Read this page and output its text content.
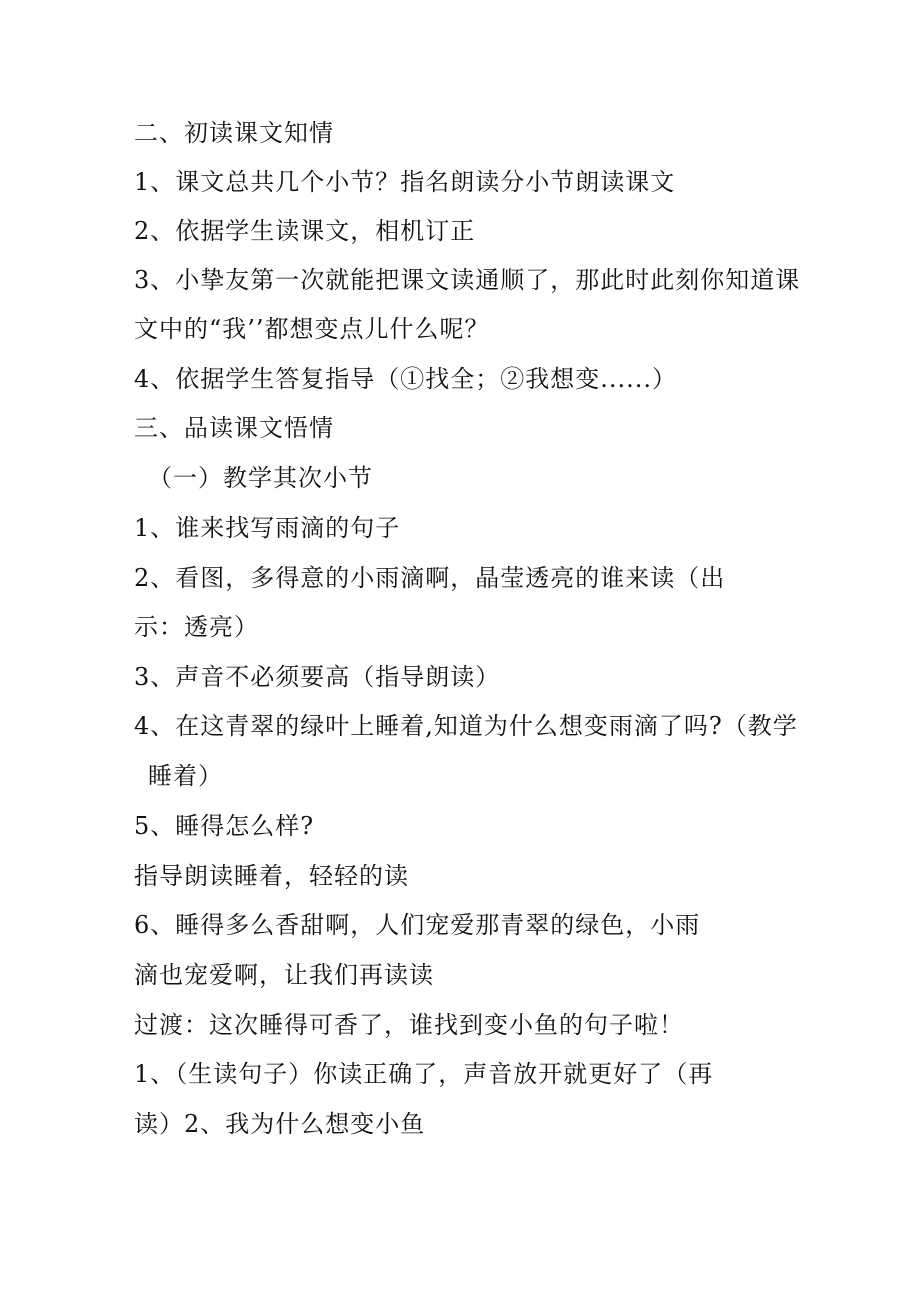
二、初读课文知情
1、课文总共几个小节？指名朗读分小节朗读课文
2、依据学生读课文，相机订正
3、小挚友第一次就能把课文读通顺了，那此时此刻你知道课
文中的“我’’都想变点儿什么呢？
4、依据学生答复指导（①找全；②我想变......）
三、品读课文悟情
（一）教学其次小节
1、谁来找写雨滴的句子
2、看图，多得意的小雨滴啊，晶莹透亮的谁来读（出
示：透亮）
3、声音不必须要高（指导朗读）
4、在这青翠的绿叶上睡着,知道为什么想变雨滴了吗?（教学
睡着）
5、睡得怎么样?
指导朗读睡着，轻轻的读
6、睡得多么香甜啊，人们宠爱那青翠的绿色，小雨
滴也宠爱啊，让我们再读读
过渡：这次睡得可香了，谁找到变小鱼的句子啦！
1、（生读句子）你读正确了，声音放开就更好了（再
读）2、我为什么想变小鱼
